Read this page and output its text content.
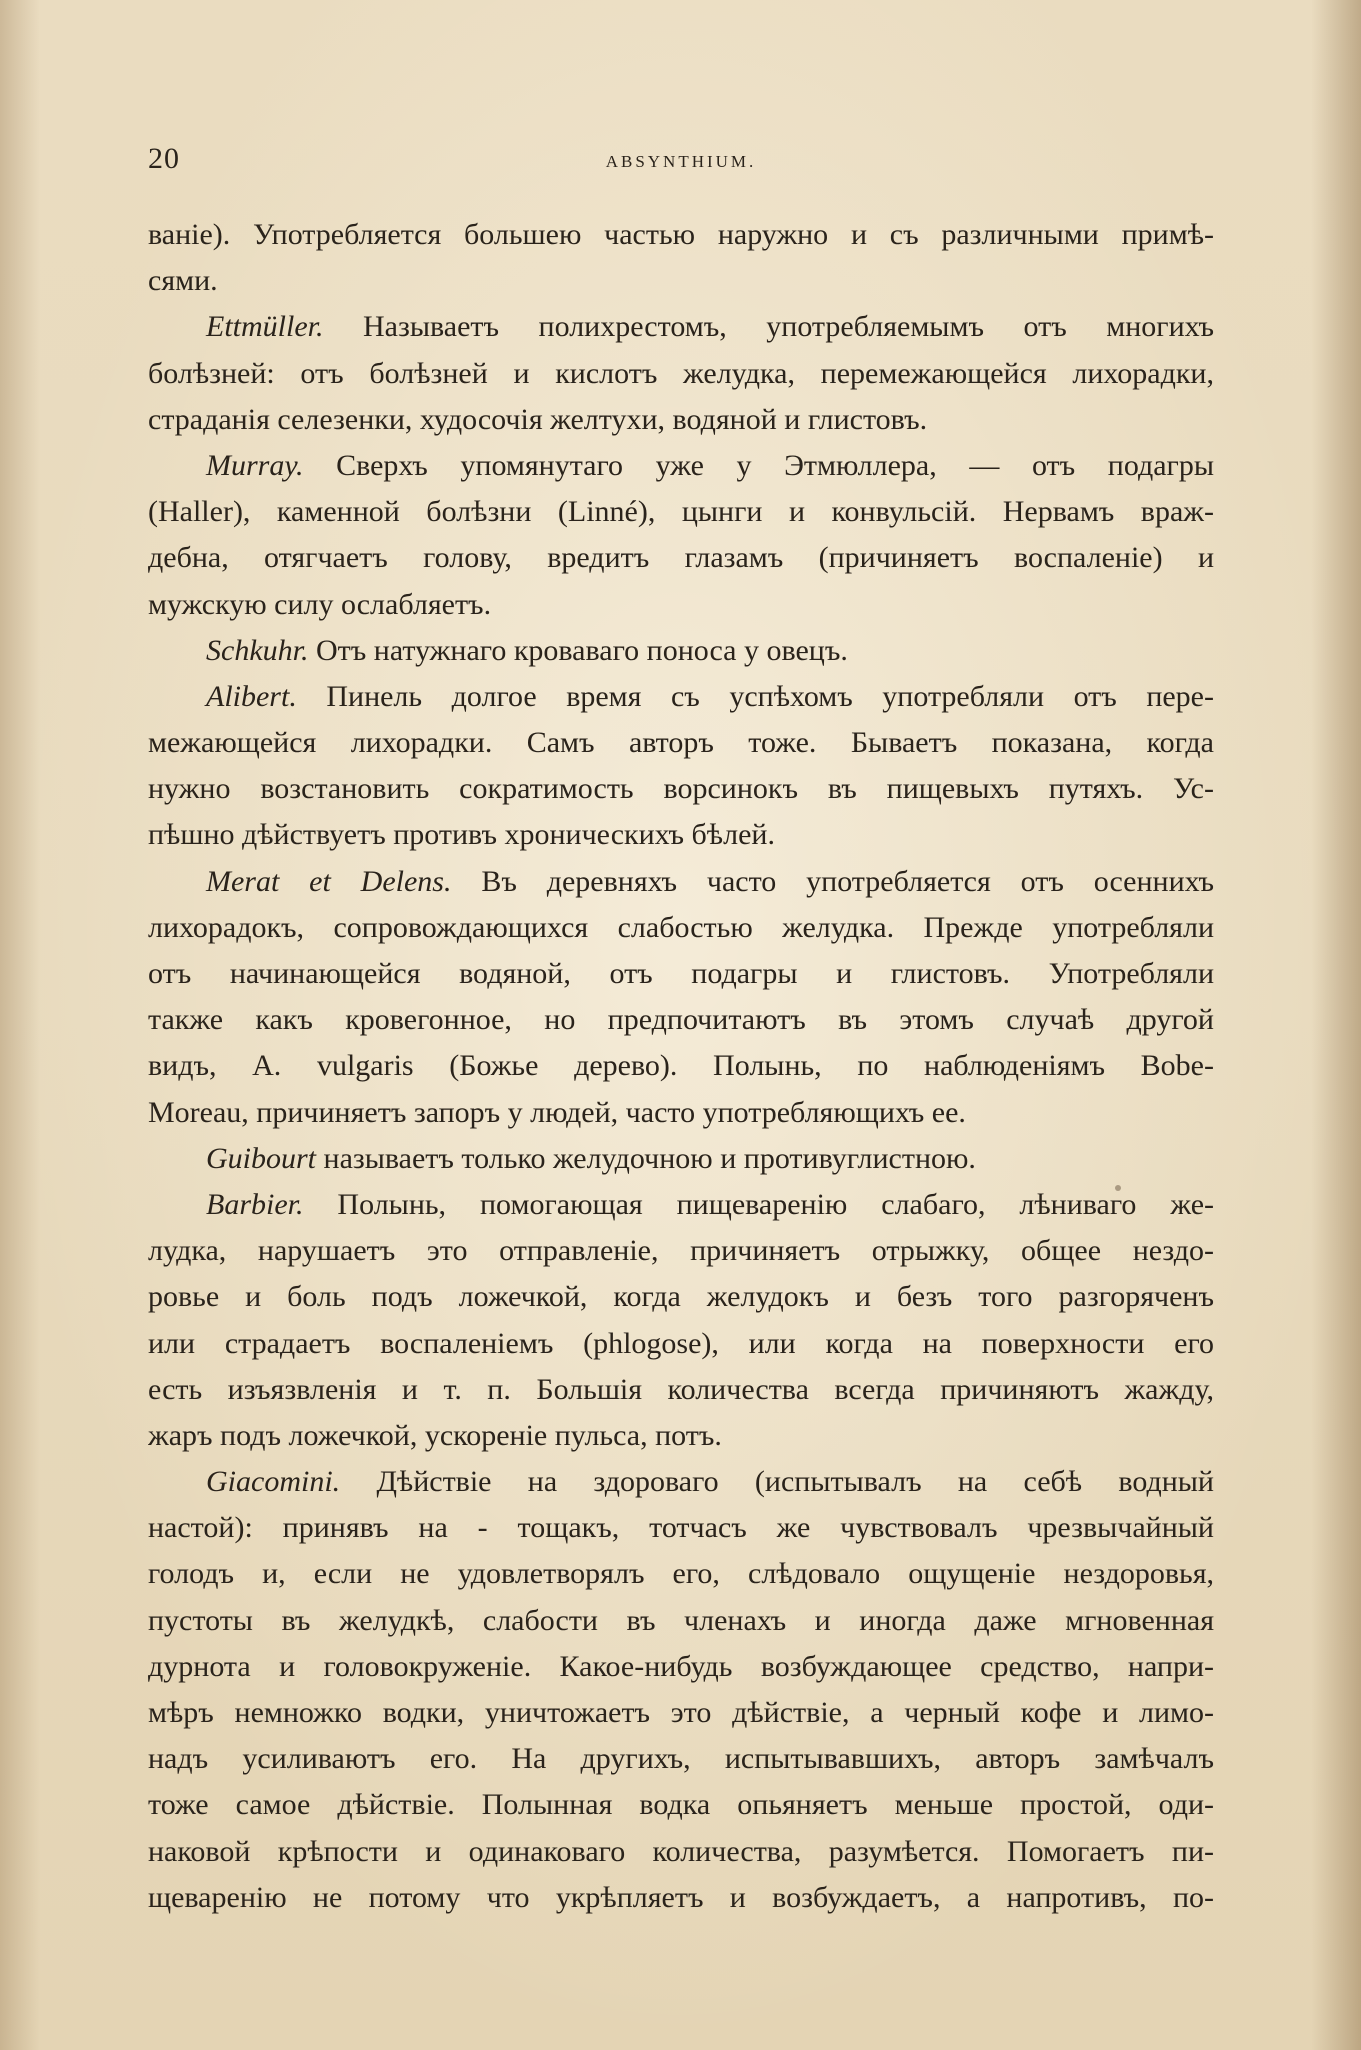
20	ABSYNTHIUM.
ванiе). Употребляется большею частью наружно и съ различными примѣ-
сями.
Ettmüller. Называетъ полихрестомъ, употребляемымъ отъ многихъ
болѣзней: отъ болѣзней и кислотъ желудка, перемежающейся лихорадки,
страданiя селезенки, худосочiя желтухи, водяной и глистовъ.
Murray. Сверхъ упомянутаго уже у Этмюллера, — отъ подагры
(Haller), каменной болѣзни (Linné), цынги и конвульсiй. Нервамъ враж-
дебна, отягчаетъ голову, вредитъ глазамъ (причиняетъ воспаленiе) и
мужскую силу ослабляетъ.
Schkuhr. Отъ натужнаго кроваваго поноса у овецъ.
Alibert. Пинель долгое время съ успѣхомъ употребляли отъ пере-
межающейся лихорадки. Самъ авторъ тоже. Бываетъ показана, когда
нужно возстановить сократимость ворсинокъ въ пищевыхъ путяхъ. Ус-
пѣшно дѣйствуетъ противъ хроническихъ бѣлей.
Merat et Delens. Въ деревняхъ часто употребляется отъ осеннихъ
лихорадокъ, сопровождающихся слабостью желудка. Прежде употребляли
отъ начинающейся водяной, отъ подагры и глистовъ. Употребляли
также какъ кровегонное, но предпочитаютъ въ этомъ случаѣ другой
видъ, A. vulgaris (Божье дерево). Полынь, по наблюденiямъ Bobe-
Moreau, причиняетъ запоръ у людей, часто употребляющихъ ее.
Guibourt называетъ только желудочною и противуглистною.
Barbier. Полынь, помогающая пищеваренiю слабаго, лѣниваго же-
лудка, нарушаетъ это отправленiе, причиняетъ отрыжку, общее нездо-
ровье и боль подъ ложечкой, когда желудокъ и безъ того разгоряченъ
или страдаетъ воспаленiемъ (phlogose), или когда на поверхности его
есть изъязвленiя и т. п. Большiя количества всегда причиняютъ жажду,
жаръ подъ ложечкой, ускоренiе пульса, потъ.
Giacomini. Дѣйствiе на здороваго (испытывалъ на себѣ водный
настой): принявъ на - тощакъ, тотчасъ же чувствовалъ чрезвычайный
голодъ и, если не удовлетворялъ его, слѣдовало ощущенiе нездоровья,
пустоты въ желудкѣ, слабости въ членахъ и иногда даже мгновенная
дурнота и головокруженiе. Какое-нибудь возбуждающее средство, напри-
мѣръ немножко водки, уничтожаетъ это дѣйствiе, а черный кофе и лимо-
надъ усиливаютъ его. На другихъ, испытывавшихъ, авторъ замѣчалъ
тоже самое дѣйствiе. Полынная водка опьяняетъ меньше простой, оди-
наковой крѣпости и одинаковаго количества, разумѣется. Помогаетъ пи-
щеваренiю не потому что укрѣпляетъ и возбуждаетъ, а напротивъ, по-
